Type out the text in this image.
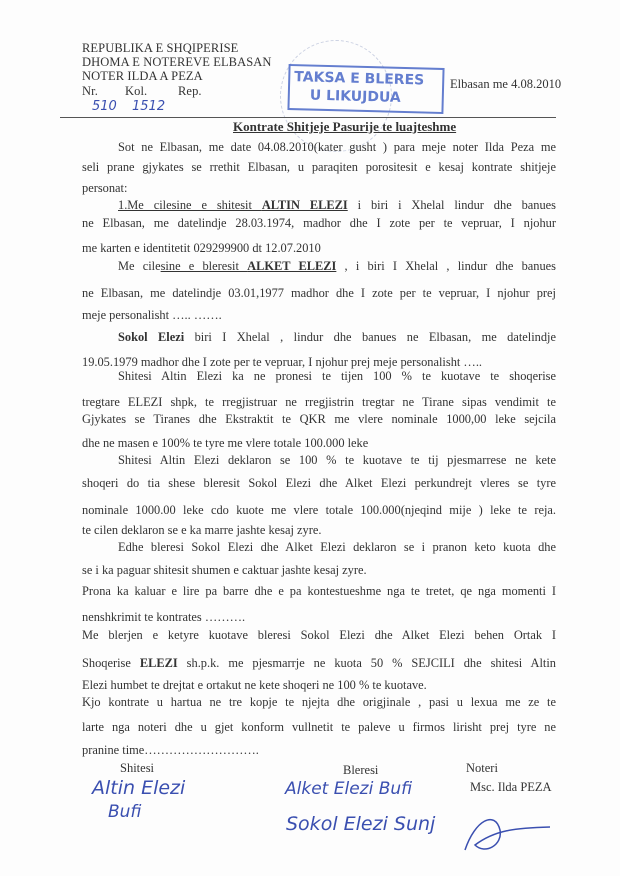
REPUBLIKA E SHQIPERISE
DHOMA E NOTEREVE ELBASAN
NOTER ILDA A PEZA
Nr. Kol. Rep.
510 1512
TAKSA E BLERES
U LIKUJDUA
Elbasan me 4.08.2010
Kontrate Shitjeje Pasurije te luajteshme
Sot ne Elbasan, me date 04.08.2010(kater gusht ) para meje noter Ilda Peza me
seli prane gjykates se rrethit Elbasan, u paraqiten porositesit e kesaj kontrate shitjeje
personat:
1.Me cilesine e shitesit ALTIN ELEZI i biri i Xhelal lindur dhe banues
ne Elbasan, me datelindje 28.03.1974, madhor dhe I zote per te vepruar, I njohur
me karten e identitetit 029299900 dt 12.07.2010
Me cilesine e bleresit ALKET ELEZI , i biri I Xhelal , lindur dhe banues
ne Elbasan, me datelindje 03.01,1977 madhor dhe I zote per te vepruar, I njohur prej
meje personalisht ….. …….
Sokol Elezi biri I Xhelal , lindur dhe banues ne Elbasan, me datelindje
19.05.1979 madhor dhe I zote per te vepruar, I njohur prej meje personalisht …..
Shitesi Altin Elezi ka ne pronesi te tijen 100 % te kuotave te shoqerise
tregtare ELEZI shpk, te rregjistruar ne rregjistrin tregtar ne Tirane sipas vendimit te
Gjykates se Tiranes dhe Ekstraktit te QKR me vlere nominale 1000,00 leke sejcila
dhe ne masen e 100% te tyre me vlere totale 100.000 leke
Shitesi Altin Elezi deklaron se 100 % te kuotave te tij pjesmarrese ne kete
shoqeri do tia shese bleresit Sokol Elezi dhe Alket Elezi perkundrejt vleres se tyre
nominale 1000.00 leke cdo kuote me vlere totale 100.000(njeqind mije ) leke te reja.
te cilen deklaron se e ka marre jashte kesaj zyre.
Edhe bleresi Sokol Elezi dhe Alket Elezi deklaron se i pranon keto kuota dhe
se i ka paguar shitesit shumen e caktuar jashte kesaj zyre.
Prona ka kaluar e lire pa barre dhe e pa kontestueshme nga te tretet, qe nga momenti I
nenshkrimit te kontrates ……….
Me blerjen e ketyre kuotave bleresi Sokol Elezi dhe Alket Elezi behen Ortak I
Shoqerise ELEZI sh.p.k. me pjesmarrje ne kuota 50 % SEJCILI dhe shitesi Altin
Elezi humbet te drejtat e ortakut ne kete shoqeri ne 100 % te kuotave.
Kjo kontrate u hartua ne tre kopje te njejta dhe origjinale , pasi u lexua me ze te
larte nga noteri dhe u gjet konform vullnetit te paleve u firmos lirisht prej tyre ne
pranine time……………………….
Shitesi	Bleresi	Noteri
Msc. Ilda PEZA
Altin Elezi
Bufi
Alket Elezi Bufi
Sokol Elezi Sunj
